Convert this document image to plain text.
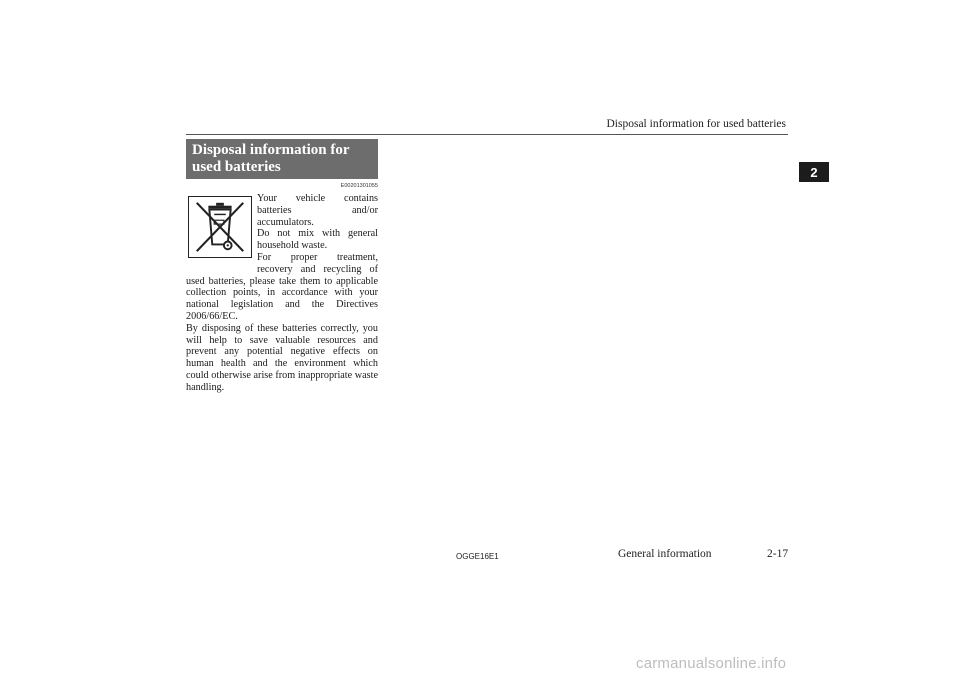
Disposal information for used batteries
2
Disposal information for
used batteries
E00201301055

Your vehicle contains batteries and/or accumulators.

Do not mix with general household waste.

For proper treatment, recovery and recycling of used batteries, please take them to applicable collection points, in accordance with your national legislation and the Directives 2006/66/EC.

By disposing of these batteries correctly, you will help to save valuable resources and prevent any potential negative effects on human health and the environment which could otherwise arise from inappropriate waste handling.

OGGE16E1	General information	2-17
carmanualsonline.info
